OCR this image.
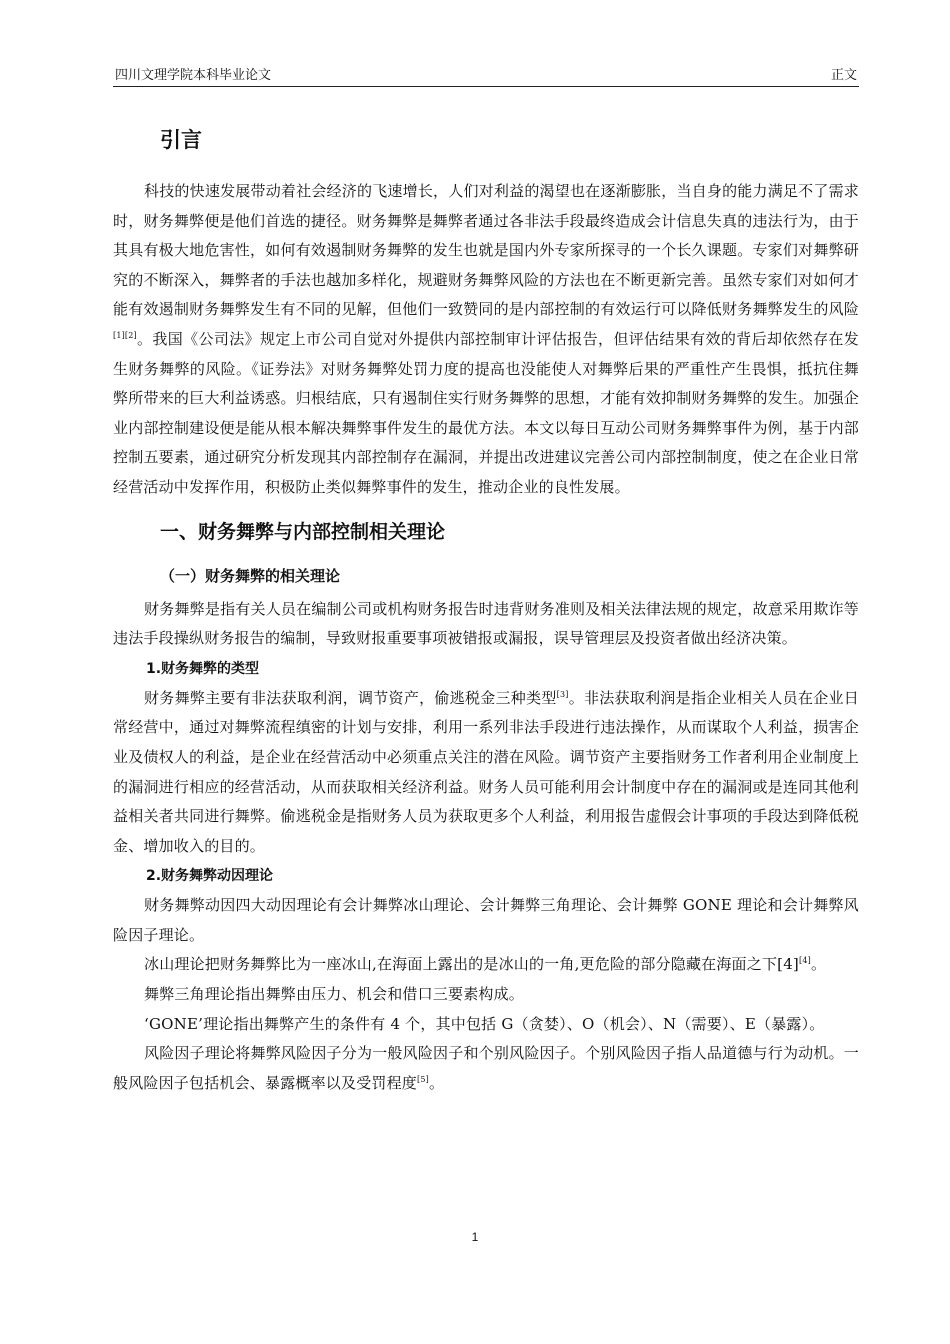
四川文理学院本科毕业论文	正文
引言

科技的快速发展带动着社会经济的飞速增长，人们对利益的渴望也在逐渐膨胀，当自身的能力满足不了需求时，财务舞弊便是他们首选的捷径。财务舞弊是舞弊者通过各非法手段最终造成会计信息失真的违法行为，由于其具有极大地危害性，如何有效遏制财务舞弊的发生也就是国内外专家所探寻的一个长久课题。专家们对舞弊研究的不断深入，舞弊者的手法也越加多样化，规避财务舞弊风险的方法也在不断更新完善。虽然专家们对如何才能有效遏制财务舞弊发生有不同的见解，但他们一致赞同的是内部控制的有效运行可以降低财务舞弊发生的风险[1][2]。我国《公司法》规定上市公司自觉对外提供内部控制审计评估报告，但评估结果有效的背后却依然存在发生财务舞弊的风险。《证券法》对财务舞弊处罚力度的提高也没能使人对舞弊后果的严重性产生畏惧，抵抗住舞弊所带来的巨大利益诱惑。归根结底，只有遏制住实行财务舞弊的思想，才能有效抑制财务舞弊的发生。加强企业内部控制建设便是能从根本解决舞弊事件发生的最优方法。本文以每日互动公司财务舞弊事件为例，基于内部控制五要素，通过研究分析发现其内部控制存在漏洞，并提出改进建议完善公司内部控制制度，使之在企业日常经营活动中发挥作用，积极防止类似舞弊事件的发生，推动企业的良性发展。

一、财务舞弊与内部控制相关理论
（一）财务舞弊的相关理论

财务舞弊是指有关人员在编制公司或机构财务报告时违背财务准则及相关法律法规的规定，故意采用欺诈等违法手段操纵财务报告的编制，导致财报重要事项被错报或漏报，误导管理层及投资者做出经济决策。

1.财务舞弊的类型

财务舞弊主要有非法获取利润，调节资产，偷逃税金三种类型[3]。非法获取利润是指企业相关人员在企业日常经营中，通过对舞弊流程缜密的计划与安排，利用一系列非法手段进行违法操作，从而谋取个人利益，损害企业及债权人的利益，是企业在经营活动中必须重点关注的潜在风险。调节资产主要指财务工作者利用企业制度上的漏洞进行相应的经营活动，从而获取相关经济利益。财务人员可能利用会计制度中存在的漏洞或是连同其他利益相关者共同进行舞弊。偷逃税金是指财务人员为获取更多个人利益，利用报告虚假会计事项的手段达到降低税金、增加收入的目的。

2.财务舞弊动因理论

财务舞弊动因四大动因理论有会计舞弊冰山理论、会计舞弊三角理论、会计舞弊 GONE 理论和会计舞弊风险因子理论。

冰山理论把财务舞弊比为一座冰山,在海面上露出的是冰山的一角,更危险的部分隐藏在海面之下[4][4]。

舞弊三角理论指出舞弊由压力、机会和借口三要素构成。

‘GONE’理论指出舞弊产生的条件有 4 个，其中包括 G（贪婪）、O（机会）、N（需要）、E（暴露）。

风险因子理论将舞弊风险因子分为一般风险因子和个别风险因子。个别风险因子指人品道德与行为动机。一般风险因子包括机会、暴露概率以及受罚程度[5]。

1
